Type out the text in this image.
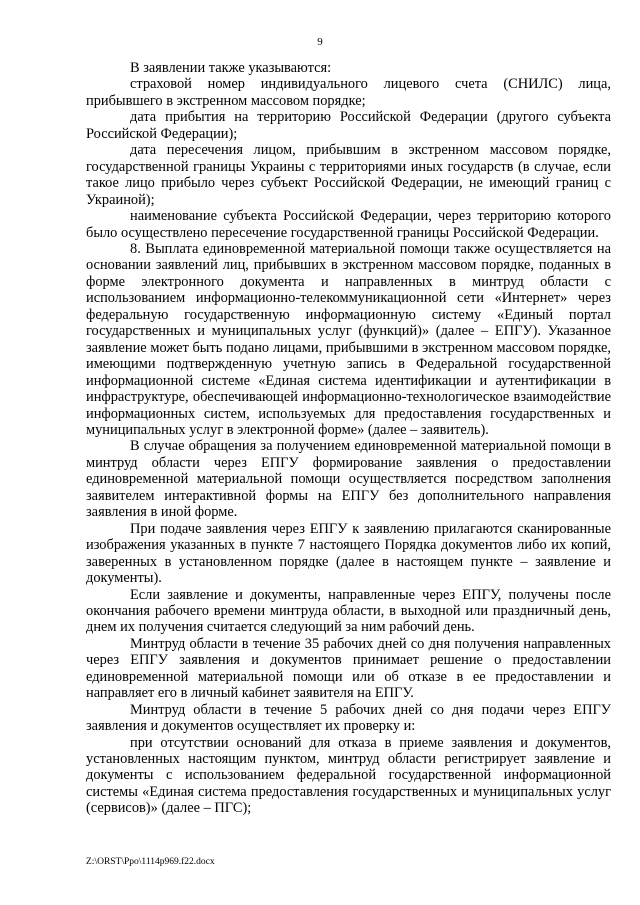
9

В заявлении также указываются:

страховой номер индивидуального лицевого счета (СНИЛС) лица, прибывшего в экстренном массовом порядке;

дата прибытия на территорию Российской Федерации (другого субъекта Российской Федерации);

дата пересечения лицом, прибывшим в экстренном массовом порядке, государственной границы Украины с территориями иных государств (в случае, если такое лицо прибыло через субъект Российской Федерации, не имеющий границ с Украиной);

наименование субъекта Российской Федерации, через территорию которого было осуществлено пересечение государственной границы Российской Федерации.

8. Выплата единовременной материальной помощи также осуществляется на основании заявлений лиц, прибывших в экстренном массовом порядке, поданных в форме электронного документа и направленных в минтруд области с использованием информационно-телекоммуникационной сети «Интернет» через федеральную государственную информационную систему «Единый портал государственных и муниципальных услуг (функций)» (далее – ЕПГУ). Указанное заявление может быть подано лицами, прибывшими в экстренном массовом порядке, имеющими подтвержденную учетную запись в Федеральной государственной информационной системе «Единая система идентификации и аутентификации в инфраструктуре, обеспечивающей информационно-технологическое взаимодействие информационных систем, используемых для предоставления государственных и муниципальных услуг в электронной форме» (далее – заявитель).

В случае обращения за получением единовременной материальной помощи в минтруд области через ЕПГУ формирование заявления о предоставлении единовременной материальной помощи осуществляется посредством заполнения заявителем интерактивной формы на ЕПГУ без дополнительного направления заявления в иной форме.

При подаче заявления через ЕПГУ к заявлению прилагаются сканированные изображения указанных в пункте 7 настоящего Порядка документов либо их копий, заверенных в установленном порядке (далее в настоящем пункте – заявление и документы).

Если заявление и документы, направленные через ЕПГУ, получены после окончания рабочего времени минтруда области, в выходной или праздничный день, днем их получения считается следующий за ним рабочий день.

Минтруд области в течение 35 рабочих дней со дня получения направленных через ЕПГУ заявления и документов принимает решение о предоставлении единовременной материальной помощи или об отказе в ее предоставлении и направляет его в личный кабинет заявителя на ЕПГУ.

Минтруд области в течение 5 рабочих дней со дня подачи через ЕПГУ заявления и документов осуществляет их проверку и:

при отсутствии оснований для отказа в приеме заявления и документов, установленных настоящим пунктом, минтруд области регистрирует заявление и документы с использованием федеральной государственной информационной системы «Единая система предоставления государственных и муниципальных услуг (сервисов)» (далее – ПГС);

Z:\ORST\Ppo\1114p969.f22.docx
